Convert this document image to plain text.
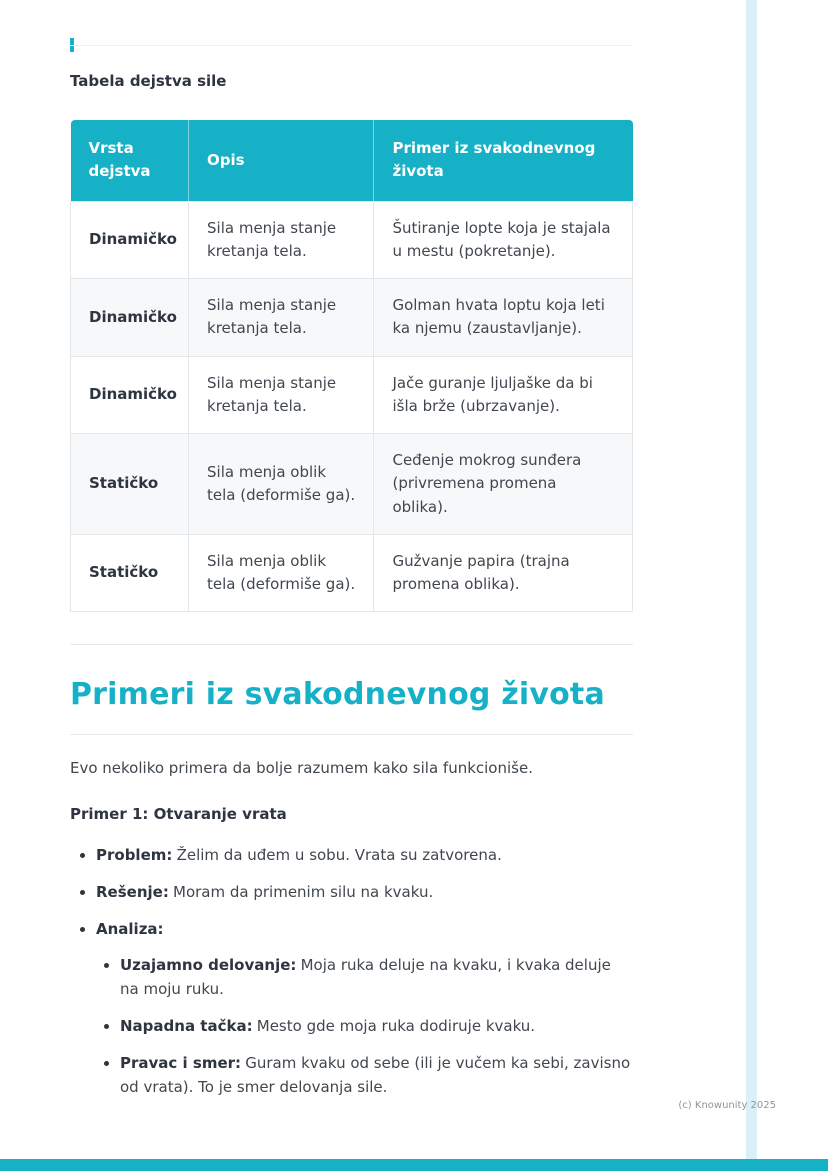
Tabela dejstva sile

Vrsta dejstva	Opis	Primer iz svakodnevnog života
Dinamičko	Sila menja stanje kretanja tela.	Šutiranje lopte koja je stajala u mestu (pokretanje).
Dinamičko	Sila menja stanje kretanja tela.	Golman hvata loptu koja leti ka njemu (zaustavljanje).
Dinamičko	Sila menja stanje kretanja tela.	Jače guranje ljuljaške da bi išla brže (ubrzavanje).
Statičko	Sila menja oblik tela (deformiše ga).	Ceđenje mokrog sunđera (privremena promena oblika).
Statičko	Sila menja oblik tela (deformiše ga).	Gužvanje papira (trajna promena oblika).
Primeri iz svakodnevnog života

Evo nekoliko primera da bolje razumem kako sila funkcioniše.

Primer 1: Otvaranje vrata

• Problem: Želim da uđem u sobu. Vrata su zatvorena.
• Rešenje: Moram da primenim silu na kvaku.
• Analiza:
• Uzajamno delovanje: Moja ruka deluje na kvaku, i kvaka deluje na moju ruku.
• Napadna tačka: Mesto gde moja ruka dodiruje kvaku.
• Pravac i smer: Guram kvaku od sebe (ili je vučem ka sebi, zavisno od vrata). To je smer delovanja sile.
(c) Knowunity 2025
